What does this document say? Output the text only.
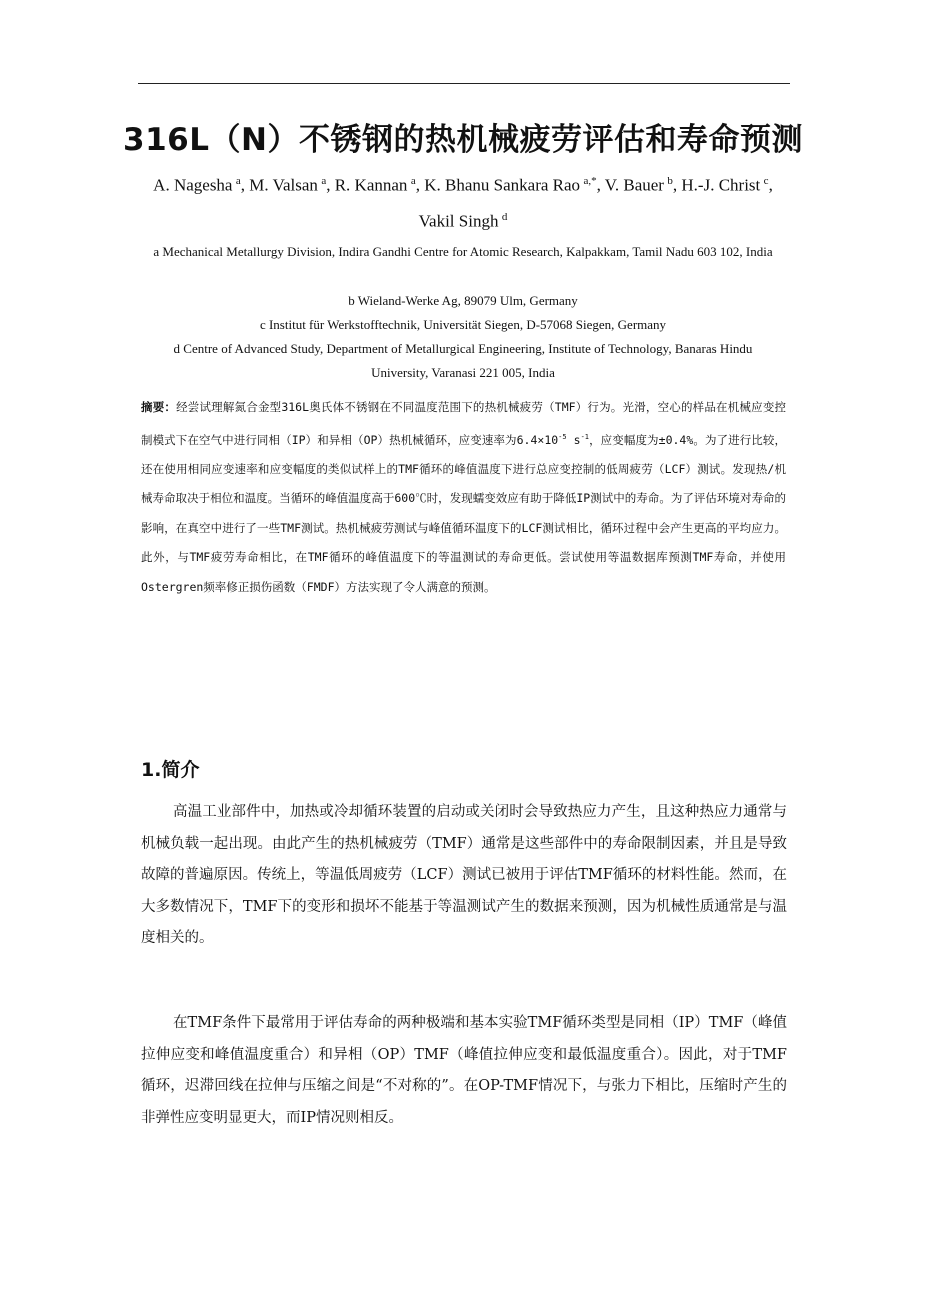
316L（N）不锈钢的热机械疲劳评估和寿命预测
A. Nagesha  $^a$, M. Valsan  $^a$, R. Kannan  $^a$, K. Bhanu Sankara Rao  $^{a,*}$, V. Bauer  $^b$, H.-J. Christ  $^c$,
Vakil Singh  $^d$
a Mechanical Metallurgy Division, Indira Gandhi Centre for Atomic Research, Kalpakkam, Tamil Nadu 603 102, India
b Wieland-Werke Ag, 89079 Ulm, Germany
c Institut für Werkstofftechnik, Universität Siegen, D-57068 Siegen, Germany
d Centre of Advanced Study, Department of Metallurgical Engineering, Institute of Technology, Banaras Hindu University, Varanasi 221 005, India
摘要：经尝试理解氮合金型316L奥氏体不锈钢在不同温度范围下的热机械疲劳（TMF）行为。光滑，空心的样品在机械应变控制模式下在空气中进行同相（IP）和异相（OP）热机械循环，应变速率为$6.4\times 10^{-5}$ $s^{-1}$，应变幅度为±0.4%。为了进行比较，还在使用相同应变速率和应变幅度的类似试样上的TMF循环的峰值温度下进行总应变控制的低周疲劳（LCF）测试。发现热/机械寿命取决于相位和温度。当循环的峰值温度高于600℃时，发现蠕变效应有助于降低IP测试中的寿命。为了评估环境对寿命的影响，在真空中进行了一些TMF测试。热机械疲劳测试与峰值循环温度下的LCF测试相比，循环过程中会产生更高的平均应力。此外，与TMF疲劳寿命相比，在TMF循环的峰值温度下的等温测试的寿命更低。尝试使用等温数据库预测TMF寿命，并使用Ostergren频率修正损伤函数（FMDF）方法实现了令人满意的预测。
1.简介

高温工业部件中，加热或冷却循环装置的启动或关闭时会导致热应力产生，且这种热应力通常与机械负载一起出现。由此产生的热机械疲劳（TMF）通常是这些部件中的寿命限制因素，并且是导致故障的普遍原因。传统上，等温低周疲劳（LCF）测试已被用于评估TMF循环的材料性能。然而，在大多数情况下，TMF下的变形和损坏不能基于等温测试产生的数据来预测，因为机械性质通常是与温度相关的。

在TMF条件下最常用于评估寿命的两种极端和基本实验TMF循环类型是同相（IP）TMF（峰值拉伸应变和峰值温度重合）和异相（OP）TMF（峰值拉伸应变和最低温度重合）。因此，对于TMF循环，迟滞回线在拉伸与压缩之间是“不对称的”。在OP-TMF情况下，与张力下相比，压缩时产生的非弹性应变明显更大，而IP情况则相反。
